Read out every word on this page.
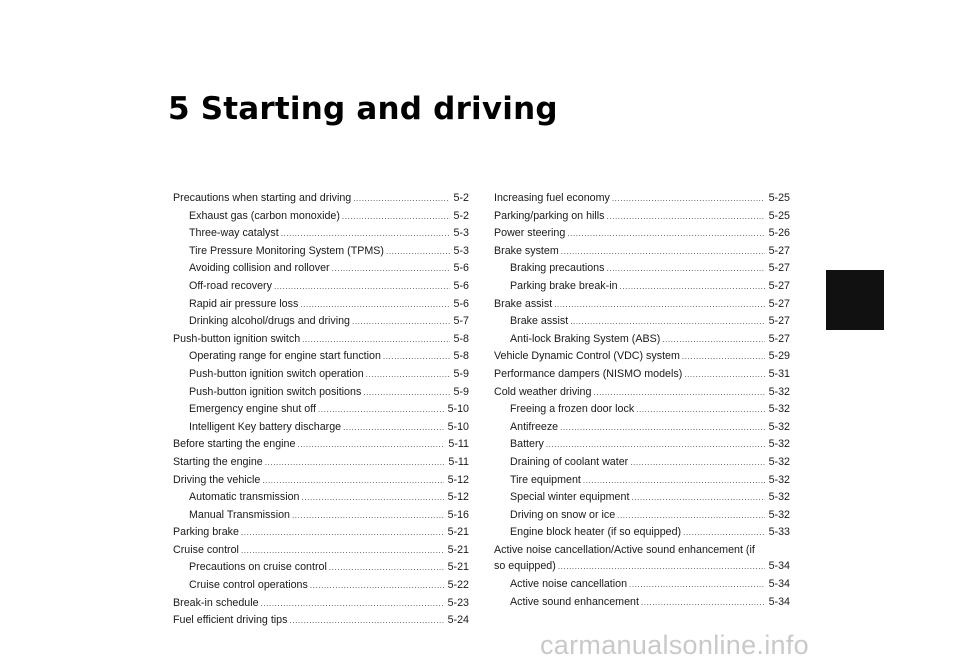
5 Starting and driving
Precautions when starting and driving .....	5-2
Exhaust gas (carbon monoxide) .....	5-2
Three-way catalyst .....	5-3
Tire Pressure Monitoring System (TPMS) .....	5-3
Avoiding collision and rollover .....	5-6
Off-road recovery .....	5-6
Rapid air pressure loss .....	5-6
Drinking alcohol/drugs and driving .....	5-7
Push-button ignition switch .....	5-8
Operating range for engine start function .....	5-8
Push-button ignition switch operation .....	5-9
Push-button ignition switch positions .....	5-9
Emergency engine shut off .....	5-10
Intelligent Key battery discharge .....	5-10
Before starting the engine .....	5-11
Starting the engine .....	5-11
Driving the vehicle .....	5-12
Automatic transmission .....	5-12
Manual Transmission .....	5-16
Parking brake .....	5-21
Cruise control .....	5-21
Precautions on cruise control .....	5-21
Cruise control operations .....	5-22
Break-in schedule .....	5-23
Fuel efficient driving tips .....	5-24
Increasing fuel economy .....	5-25
Parking/parking on hills .....	5-25
Power steering .....	5-26
Brake system .....	5-27
Braking precautions .....	5-27
Parking brake break-in .....	5-27
Brake assist .....	5-27
Brake assist .....	5-27
Anti-lock Braking System (ABS) .....	5-27
Vehicle Dynamic Control (VDC) system .....	5-29
Performance dampers (NISMO models) .....	5-31
Cold weather driving .....	5-32
Freeing a frozen door lock .....	5-32
Antifreeze .....	5-32
Battery .....	5-32
Draining of coolant water .....	5-32
Tire equipment .....	5-32
Special winter equipment .....	5-32
Driving on snow or ice .....	5-32
Engine block heater (if so equipped) .....	5-33
Active noise cancellation/Active sound enhancement (if
so equipped) .....	5-34
Active noise cancellation .....	5-34
Active sound enhancement .....	5-34
carmanualsonline.info
